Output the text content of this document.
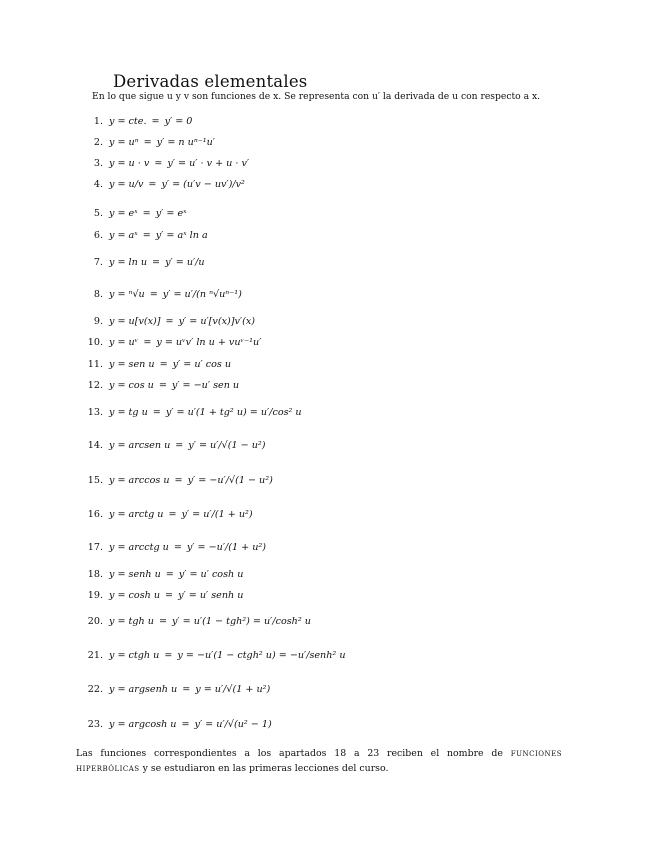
Derivadas elementales
En lo que sigue u y v son funciones de x. Se representa con u′ la derivada de u con respecto a x.
1. y = cte. = y′ = 0
2. y = uⁿ = y′ = n uⁿ⁻¹u′
3. y = u · v = y′ = u′ · v + u · v′
4. y = u/v = y′ = (u′v − uv′)/v²
5. y = eˣ = y′ = eˣ
6. y = aˣ = y′ = aˣ ln a
7. y = ln u = y′ = u′/u
8. y = ⁿ√u = y′ = u′/(n ⁿ√uⁿ⁻¹)
9. y = u[v(x)] = y′ = u′[v(x)]v′(x)
10. y = uᵛ = y = uᵛv′ ln u + vuᵛ⁻¹u′
11. y = sen u = y′ = u′ cos u
12. y = cos u = y′ = −u′ sen u
13. y = tg u = y′ = u′(1 + tg² u) = u′/cos² u
14. y = arcsen u = y′ = u′/√(1 − u²)
15. y = arccos u = y′ = −u′/√(1 − u²)
16. y = arctg u = y′ = u′/(1 + u²)
17. y = arcctg u = y′ = −u′/(1 + u²)
18. y = senh u = y′ = u′ cosh u
19. y = cosh u = y′ = u′ senh u
20. y = tgh u = y′ = u′(1 − tgh²) = u′/cosh² u
21. y = ctgh u = y = −u′(1 − ctgh² u) = −u′/senh² u
22. y = argsenh u = y = u′/√(1 + u²)
23. y = argcosh u = y′ = u′/√(u² − 1)
Las funciones correspondientes a los apartados 18 a 23 reciben el nombre de funciones hiperbólicas y se estudiaron en las primeras lecciones del curso.
